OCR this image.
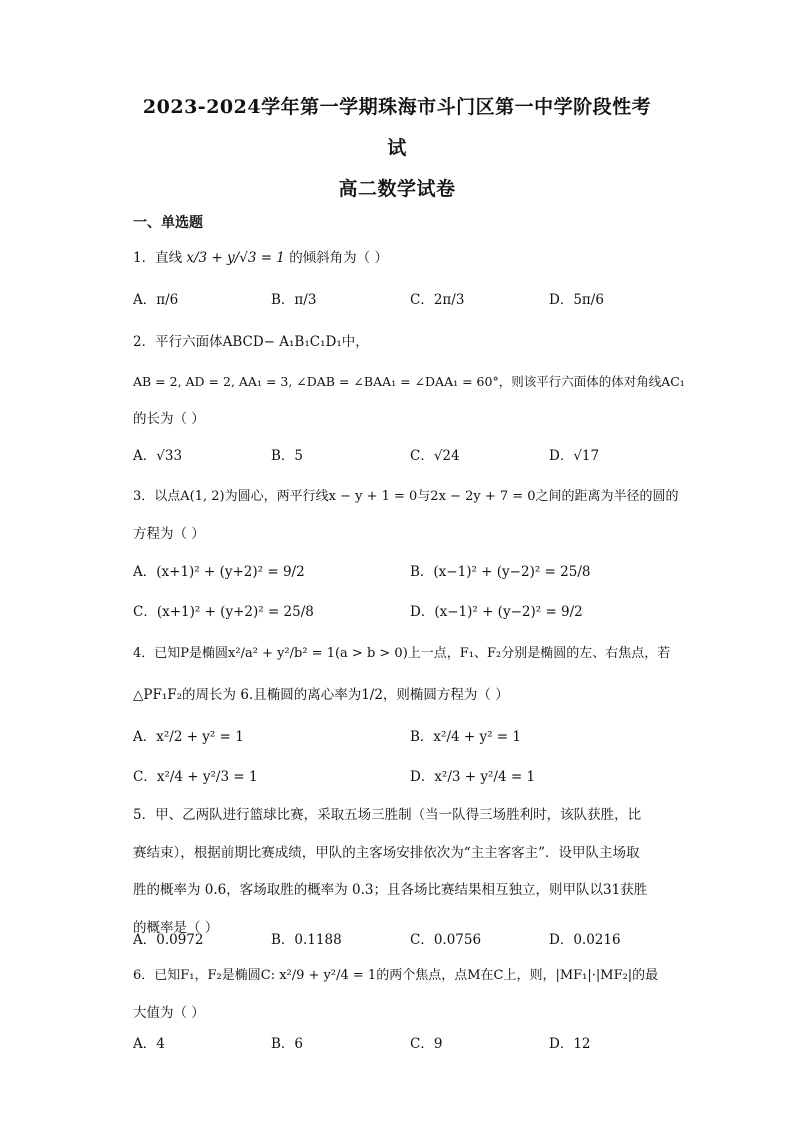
2023-2024学年第一学期珠海市斗门区第一中学阶段性考
试
高二数学试卷
一、单选题
1．直线 x/3 + y/√3 = 1 的倾斜角为（ ）
A．π/6	B．π/3	C．2π/3	D．5π/6
2．平行六面体ABCD− A₁B₁C₁D₁中，
AB = 2, AD = 2, AA₁ = 3, ∠DAB = ∠BAA₁ = ∠DAA₁ = 60°，则该平行六面体的体对角线AC₁
的长为（ ）
A．√33	B．5	C．√24	D．√17
3．以点A(1, 2)为圆心，两平行线x − y + 1 = 0与2x − 2y + 7 = 0之间的距离为半径的圆的
方程为（ ）
A．(x+1)² + (y+2)² = 9/2	B．(x−1)² + (y−2)² = 25/8
C．(x+1)² + (y+2)² = 25/8	D．(x−1)² + (y−2)² = 9/2
4．已知P是椭圆x²/a² + y²/b² = 1(a > b > 0)上一点，F₁、F₂分别是椭圆的左、右焦点，若
△PF₁F₂的周长为 6.且椭圆的离心率为1/2，则椭圆方程为（ ）
A．x²/2 + y² = 1	B．x²/4 + y² = 1
C．x²/4 + y²/3 = 1	D．x²/3 + y²/4 = 1
5．甲、乙两队进行篮球比赛，采取五场三胜制（当一队得三场胜利时，该队获胜，比
赛结束），根据前期比赛成绩，甲队的主客场安排依次为“主主客客主”．设甲队主场取
胜的概率为 0.6，客场取胜的概率为 0.3；且各场比赛结果相互独立，则甲队以31获胜
的概率是（ ）
A．0.0972	B．0.1188	C．0.0756	D．0.0216
6．已知F₁，F₂是椭圆C: x²/9 + y²/4 = 1的两个焦点，点M在C上，则，|MF₁|·|MF₂|的最
大值为（ ）
A．4	B．6	C．9	D．12
